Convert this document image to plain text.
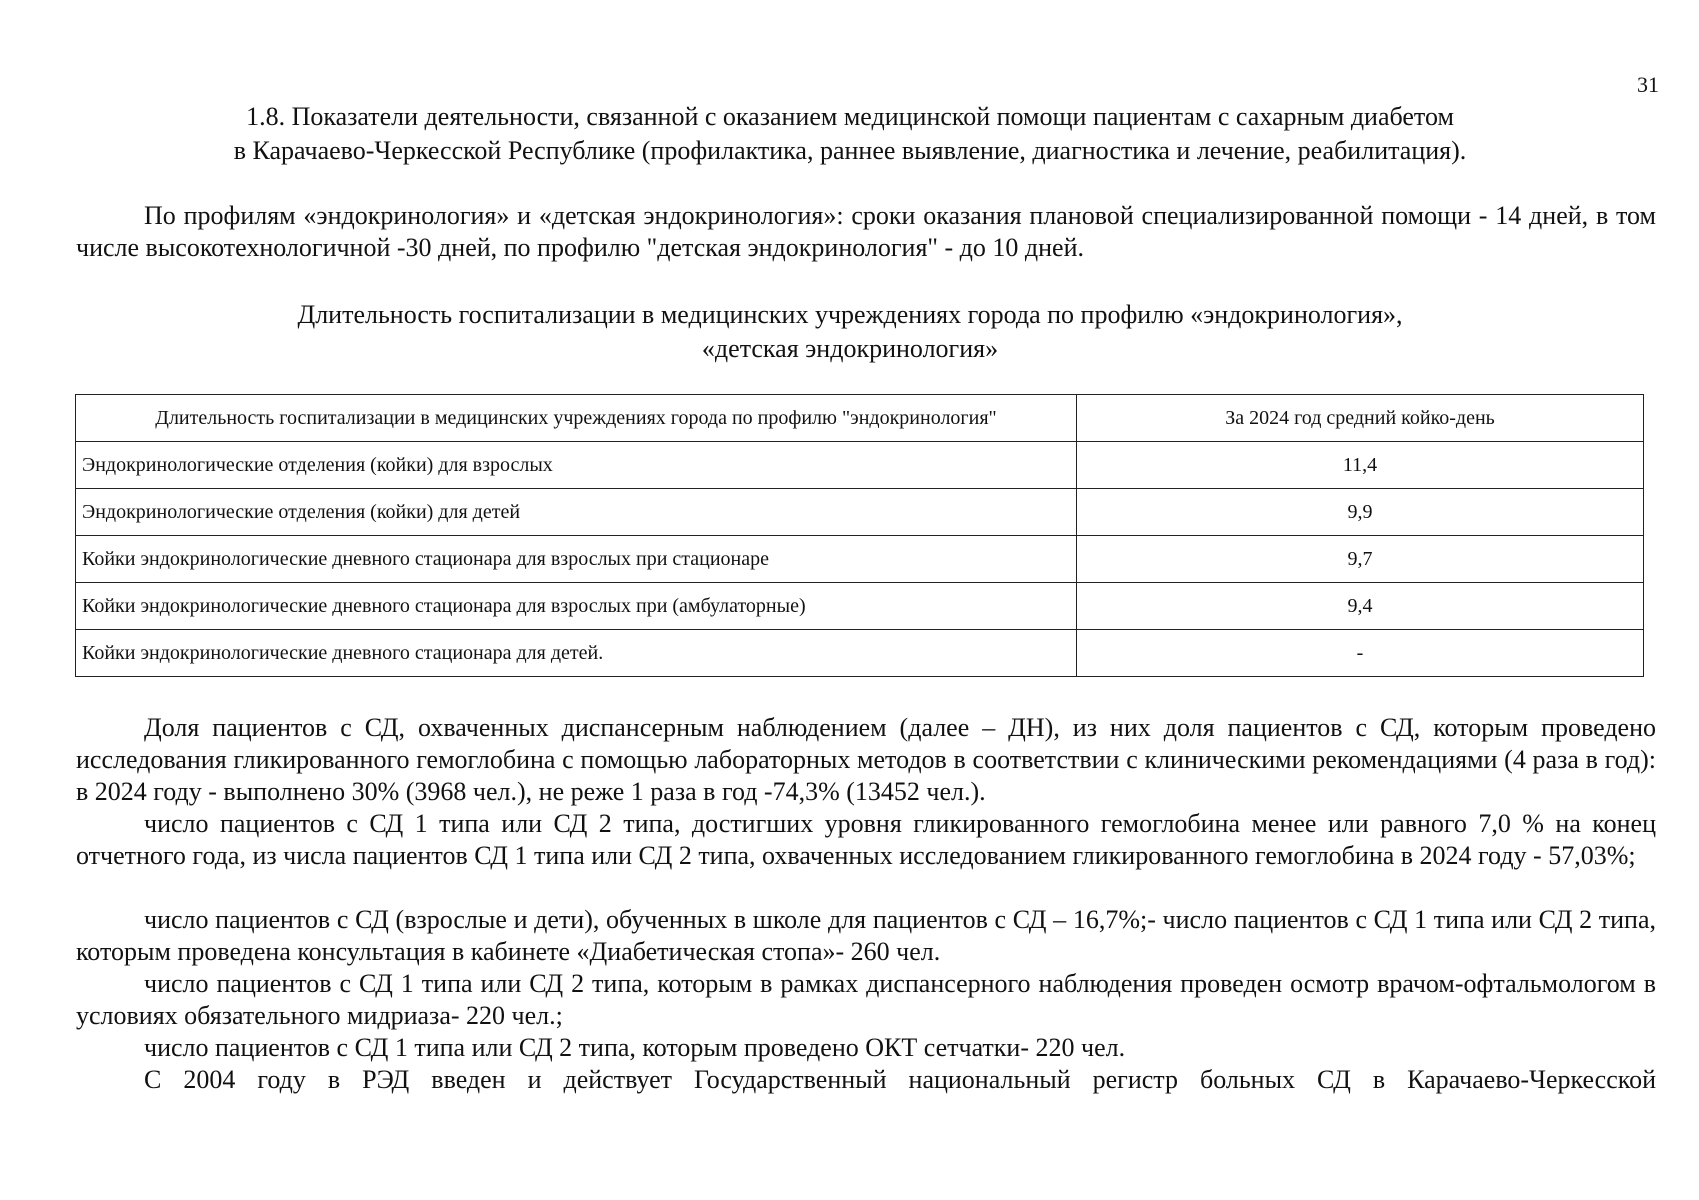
31
1.8. Показатели деятельности, связанной с оказанием медицинской помощи пациентам с сахарным диабетом
в Карачаево-Черкесской Республике (профилактика, раннее выявление, диагностика и лечение, реабилитация).
По профилям «эндокринология» и «детская эндокринология»: сроки оказания плановой специализированной помощи - 14 дней, в том числе высокотехнологичной -30 дней, по профилю "детская эндокринология" - до 10 дней.
Длительность госпитализации в медицинских учреждениях города по профилю «эндокринология»,
«детская эндокринология»
Длительность госпитализации в медицинских учреждениях города по профилю "эндокринология"	За 2024 год средний койко-день
Эндокринологические отделения (койки) для взрослых	11,4
Эндокринологические отделения (койки) для детей	9,9
Койки эндокринологические дневного стационара для взрослых при стационаре	9,7
Койки эндокринологические дневного стационара для взрослых при (амбулаторные)	9,4
Койки эндокринологические дневного стационара для детей.	-
Доля пациентов с СД, охваченных диспансерным наблюдением (далее – ДН), из них доля пациентов с СД, которым проведено исследования гликированного гемоглобина с помощью лабораторных методов в соответствии с клиническими рекомендациями (4 раза в год): в 2024 году - выполнено 30% (3968 чел.), не реже 1 раза в год -74,3% (13452 чел.).
число пациентов с СД 1 типа или СД 2 типа, достигших уровня гликированного гемоглобина менее или равного 7,0 % на конец отчетного года, из числа пациентов СД 1 типа или СД 2 типа, охваченных исследованием гликированного гемоглобина в 2024 году - 57,03%;
число пациентов с СД (взрослые и дети), обученных в школе для пациентов с СД – 16,7%;- число пациентов с СД 1 типа или СД 2 типа, которым проведена консультация в кабинете «Диабетическая стопа»- 260 чел.
число пациентов с СД 1 типа или СД 2 типа, которым в рамках диспансерного наблюдения проведен осмотр врачом-офтальмологом в условиях обязательного мидриаза- 220 чел.;
число пациентов с СД 1 типа или СД 2 типа, которым проведено ОКТ сетчатки- 220 чел.
С 2004 году в РЭД введен и действует Государственный национальный регистр больных СД в Карачаево-Черкесской
